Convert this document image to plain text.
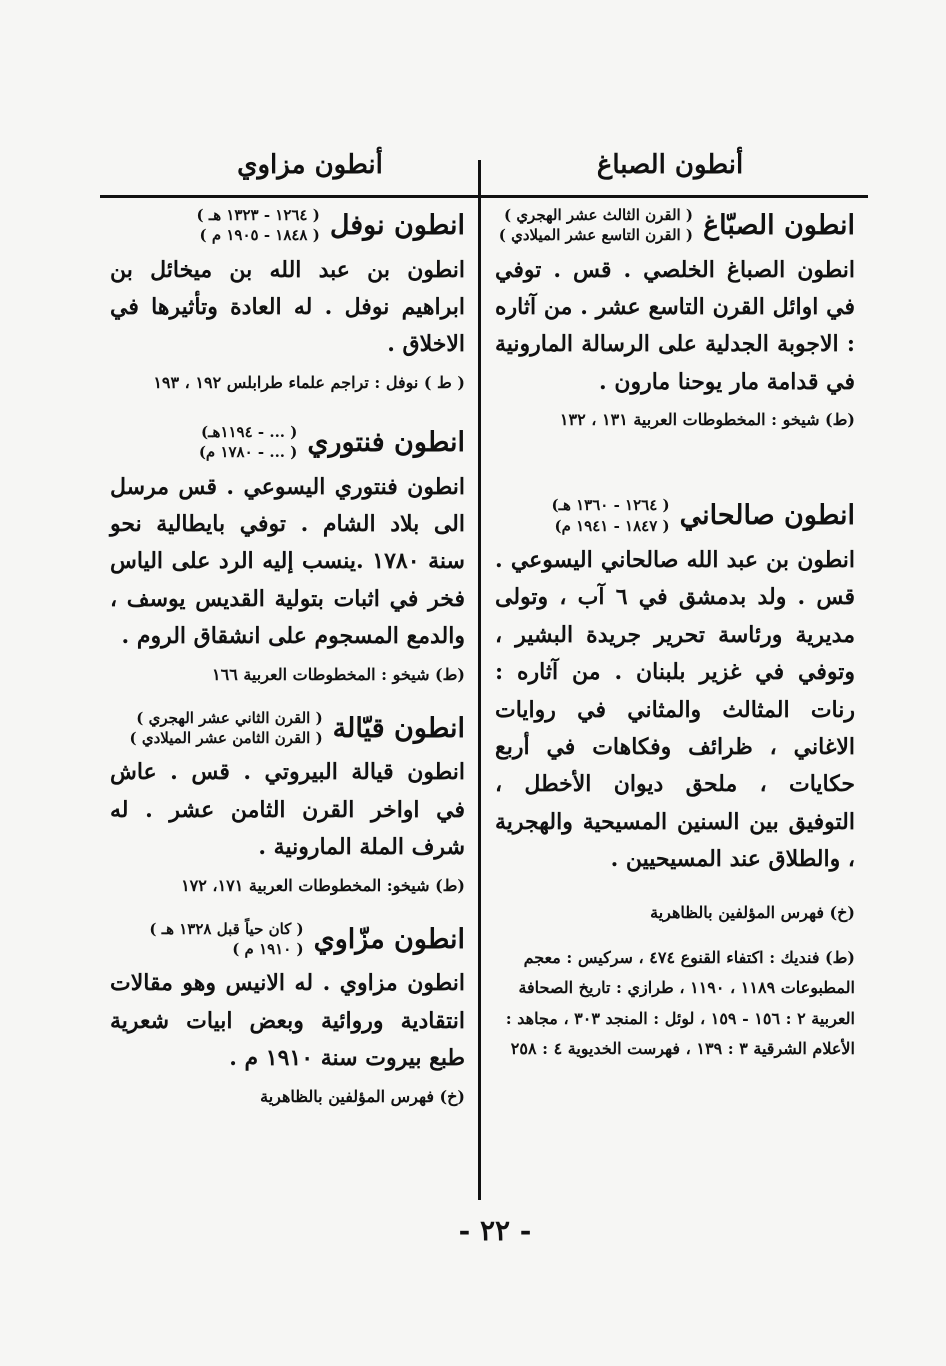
أنطون الصباغ
أنطون مزاوي
انطون الصبّاغ
( القرن الثالث عشر الهجري )
( القرن التاسع عشر الميلادي )
انطون الصباغ الخلصي . قس . توفي في اوائل القرن التاسع عشر . من آثاره : الاجوبة الجدلية على الرسالة المارونية في قدامة مار يوحنا مارون .
(ط) شيخو : المخطوطات العربية ١٣١ ، ١٣٢
انطون صالحاني
( ١٢٦٤ - ١٣٦٠ هـ)
( ١٨٤٧ - ١٩٤١ م)
انطون بن عبد الله صالحاني اليسوعي . قس . ولد بدمشق في ٦ آب ، وتولى مديرية ورئاسة تحرير جريدة البشير ، وتوفي في غزير بلبنان . من آثاره : رنات المثالث والمثاني في روايات الاغاني ، ظرائف وفكاهات في أربع حكايات ، ملحق ديوان الأخطل ، التوفيق بين السنين المسيحية والهجرية ، والطلاق عند المسيحيين .
(خ) فهرس المؤلفين بالظاهرية
(ط) فنديك : اكتفاء القنوع ٤٧٤ ، سركيس : معجم المطبوعات ١١٨٩ ، ١١٩٠ ، طرازي : تاريخ الصحافة العربية ٢ : ١٥٦ - ١٥٩ ، لوئل : المنجد ٣٠٣ ، مجاهد : الأعلام الشرقية ٣ : ١٣٩ ، فهرست الخديوية ٤ : ٢٥٨
انطون نوفل
( ١٢٦٤ - ١٣٢٣ هـ )
( ١٨٤٨ - ١٩٠٥ م )
انطون بن عبد الله بن ميخائل بن ابراهيم نوفل . له العادة وتأثيرها في الاخلاق .
( ط ) نوفل : تراجم علماء طرابلس ١٩٢ ، ١٩٣
انطون فنتوري
( ... - ١١٩٤هـ)
( ... - ١٧٨٠ م)
انطون فنتوري اليسوعي . قس مرسل الى بلاد الشام . توفي بايطالية نحو سنة ١٧٨٠ .ينسب إليه الرد على الياس فخر في اثبات بتولية القديس يوسف ، والدمع المسجوم على انشقاق الروم .
(ط) شيخو : المخطوطات العربية ١٦٦
انطون قيّالة
( القرن الثاني عشر الهجري )
( القرن الثامن عشر الميلادي )
انطون قيالة البيروتي . قس . عاش في اواخر القرن الثامن عشر . له شرف الملة المارونية .
(ط) شيخو: المخطوطات العربية ١٧١، ١٧٢
انطون مزّاوي
( كان حياً قبل ١٣٢٨ هـ )
( ١٩١٠ م )
انطون مزاوي . له الانيس وهو مقالات انتقادية وروائية وبعض ابيات شعرية طبع بيروت سنة ١٩١٠ م .
(خ) فهرس المؤلفين بالظاهرية
- ٢٢ -
